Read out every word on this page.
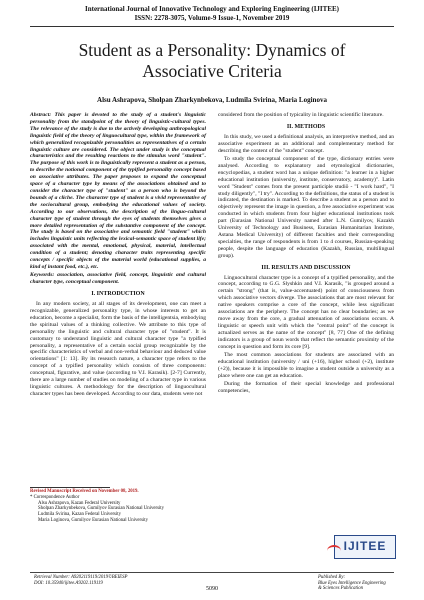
International Journal of Innovative Technology and Exploring Engineering (IJITEE)
ISSN: 2278-3075, Volume-9 Issue-1, November 2019
Student as a Personality: Dynamics of
Associative Criteria
Alsu Ashrapova, Sholpan Zharkynbekova, Ludmila Svirina, Maria Loginova

Abstract: This paper is devoted to the study of a student's linguistic personality from the standpoint of the theory of linguistic-cultural types. The relevance of the study is due to the actively developing anthropological linguistic field of the theory of linguocultural type, within the framework of which generalized recognizable personalities as representatives of a certain linguistic culture are considered. The object under study is the conceptual characteristics and the resulting reactions to the stimulus word "student". The purpose of this work is to linguistically represent a student as a person, to describe the notional component of the typified personality concept based on associative attributes. The paper proposes to expand the conceptual space of a character type by means of the associations obtained and to consider the character type of "student" as a person who is beyond the bounds of a cliche. The character type of student is a vivid representative of the sociocultural group, embodying the educational values of society. According to our observations, the description of the linguo-cultural character type of student through the eyes of students themselves gives a more detailed representation of the substantive component of the concept. The study is based on the associative and semantic field "student" which includes linguistic units reflecting the lexical-semantic space of student life; associated with the mental, emotional, physical, material, intellectual condition of a student; denoting character traits representing specific concepts / specific objects of the material world (educational supplies, a kind of instant food, etc.), etc.

Keywords: association, associative field, concept, linguistic and cultural character type, conceptual component.

I. INTRODUCTION

In any modern society, at all stages of its development, one can meet a recognizable, generalized personality type, in whose interests to get an education, become a specialist, form the basis of the intelligentsia, embodying the spiritual values of a thinking collective. We attribute to this type of personality the linguistic and cultural character type of "student". It is customary to understand linguistic and cultural character type "a typified personality, a representative of a certain social group recognizable by the specific characteristics of verbal and non-verbal behaviour and deduced value orientations" [1: 13]. By its research nature, a character type refers to the concept of a typified personality which consists of three components: conceptual, figurative, and value (according to V.I. Karasik). [2-7] Currently, there are a large number of studies on modeling of a character type in various linguistic cultures. A methodology for the description of linguocultural character types has been developed. According to our data, students were not

Revised Manuscript Received on November 08, 2019.
* Correspondence Author
Alsu Ashrapova, Kazan Federal University
Sholpan Zharkynbekova, Gumilyov Eurasian National University
Ludmila Svirina, Kazan Federal University
Maria Loginova, Gumilyov Eurasian National University

considered from the position of typicality in linguistic scientific literature.

II. METHODS

In this study, we used a definitional analysis, an interpretive method, and an associative experiment as an additional and complementary method for describing the content of the "student" concept.

To study the conceptual component of the type, dictionary entries were analysed. According to explanatory and etymological dictionaries, encyclopedias, a student word has a unique definition: "a learner in a higher educational institution (university, institute, conservatory, academy)". Latin word "Student" comes from the present participle studiō - "I work hard", "I study diligently", "I try". According to the definitions, the status of a student is indicated, the destination is marked. To describe a student as a person and to objectively represent the image in question, a free associative experiment was conducted in which students from four higher educational institutions took part (Eurasian National University named after L.N. Gumilyov, Kazakh University of Technology and Business, Eurasian Humanitarian Institute, Astana Medical University) of different faculties and their corresponding specialties, the range of respondents is from 1 to 4 courses, Russian-speaking people, despite the language of education (Kazakh, Russian, multilingual group).

III. RESULTS AND DISCUSSION

Linguocultural character type is a concept of a typified personality, and the concept, according to G.G. Slyshkin and V.I. Karasik, "is grouped around a certain "strong" (that is, value-accentuated) point of consciousness from which associative vectors diverge. The associations that are most relevant for native speakers comprise a core of the concept, while less significant associations are the periphery. The concept has no clear boundaries; as we move away from the core, a gradual attenuation of associations occurs. A linguistic or speech unit with which the "central point" of the concept is actualized serves as the name of the concept" [8, 77] One of the defining indicators is a group of noun words that reflect the semantic proximity of the concept in question and form its core [9].

The most common associations for students are associated with an educational institution (university / uni (+16), higher school (+2), institute (+2)), because it is impossible to imagine a student outside a university as a place where one can get an education.

During the formation of their special knowledge and professional competencies,

IJITEE
Retrieval Number: A9202119119/2019©BEIESP
DOI: 10.35940/ijitee.A9202.119119
5090
Published By:
Blue Eyes Intelligence Engineering
& Sciences Publication
